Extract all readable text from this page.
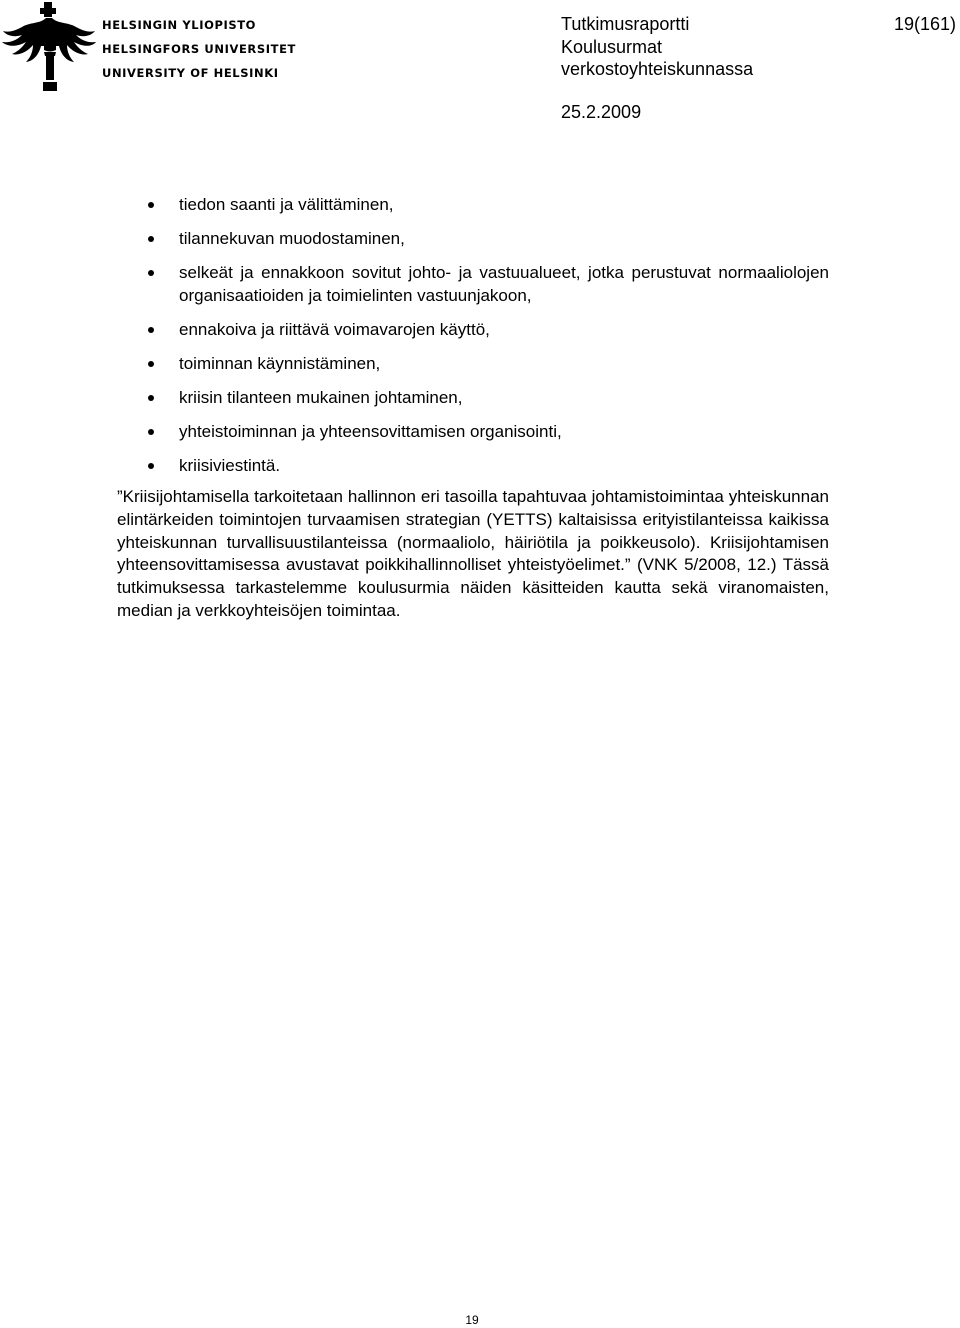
HELSINGIN YLIOPISTO
HELSINGFORS UNIVERSITET
UNIVERSITY OF HELSINKI
Tutkimusraportti
Koulusurmat
verkostoyhteiskunnassa
25.2.2009
19(161)
tiedon saanti ja välittäminen,
tilannekuvan muodostaminen,
selkeät ja ennakkoon sovitut johto- ja vastuualueet, jotka perustuvat normaaliolojen organisaatioiden ja toimielinten vastuunjakoon,
ennakoiva ja riittävä voimavarojen käyttö,
toiminnan käynnistäminen,
kriisin tilanteen mukainen johtaminen,
yhteistoiminnan ja yhteensovittamisen organisointi,
kriisiviestintä.

”Kriisijohtamisella tarkoitetaan hallinnon eri tasoilla tapahtuvaa johtamistoimintaa yhteiskunnan elintärkeiden toimintojen turvaamisen strategian (YETTS) kaltaisissa erityistilanteissa kaikissa yhteiskunnan turvallisuustilanteissa (normaaliolo, häiriötila ja poikkeusolo). Kriisijohtamisen yhteensovittamisessa avustavat poikkihallinnolliset yhteistyöelimet.” (VNK 5/2008, 12.) Tässä tutkimuksessa tarkastelemme koulusurmia näiden käsitteiden kautta sekä viranomaisten, median ja verkkoyhteisöjen toimintaa.

19
